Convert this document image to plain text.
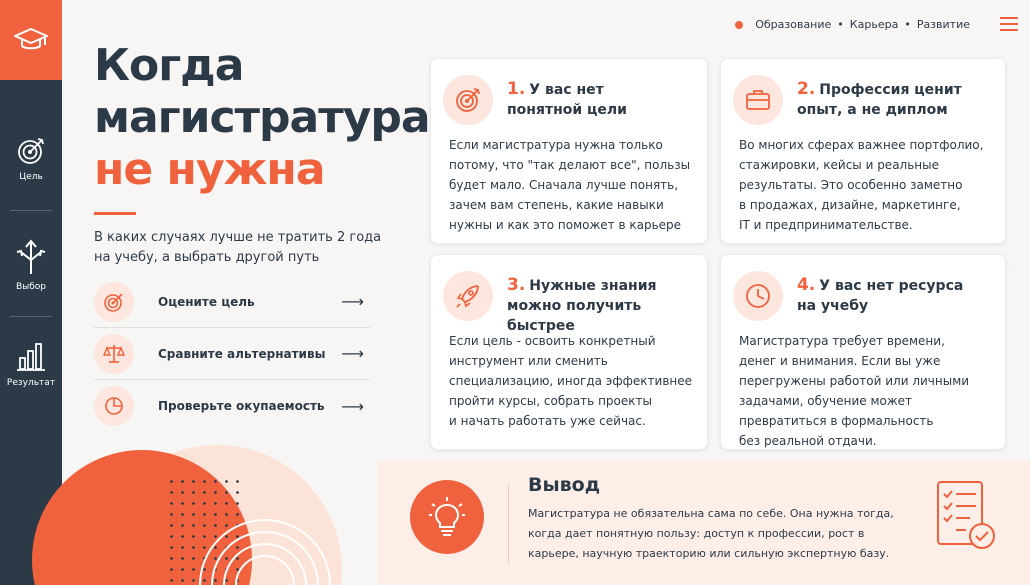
Цель
Выбор
Результат
Образование • Карьера • Развитие
Когда
магистратура
не нужна
В каких случаях лучше не тратить 2 года на учебу, а выбрать другой путь
Оцените цель	⟶
Сравните альтернативы ⟶
Проверьте окупаемость	⟶
1. У вас нет
понятной цели
Если магистратура нужна только
потому, что "так делают все", пользы
будет мало. Сначала лучше понять,
зачем вам степень, какие навыки
нужны и как это поможет в карьере
2. Профессия ценит
опыт, а не диплом
Во многих сферах важнее портфолио,
стажировки, кейсы и реальные
результаты. Это особенно заметно
в продажах, дизайне, маркетинге,
IT и предпринимательстве.
3. Нужные знания
можно получить быстрее
Если цель - освоить конкретный
инструмент или сменить
специализацию, иногда эффективнее
пройти курсы, собрать проекты
и начать работать уже сейчас.
4. У вас нет ресурса
на учебу
Магистратура требует времени,
денег и внимания. Если вы уже
перегружены работой или личными
задачами, обучение может
превратиться в формальность
без реальной отдачи.
Вывод
Магистратура не обязательна сама по себе. Она нужна тогда, когда дает понятную пользу: доступ к профессии, рост в карьере, научную траекторию или сильную экспертную базу.
